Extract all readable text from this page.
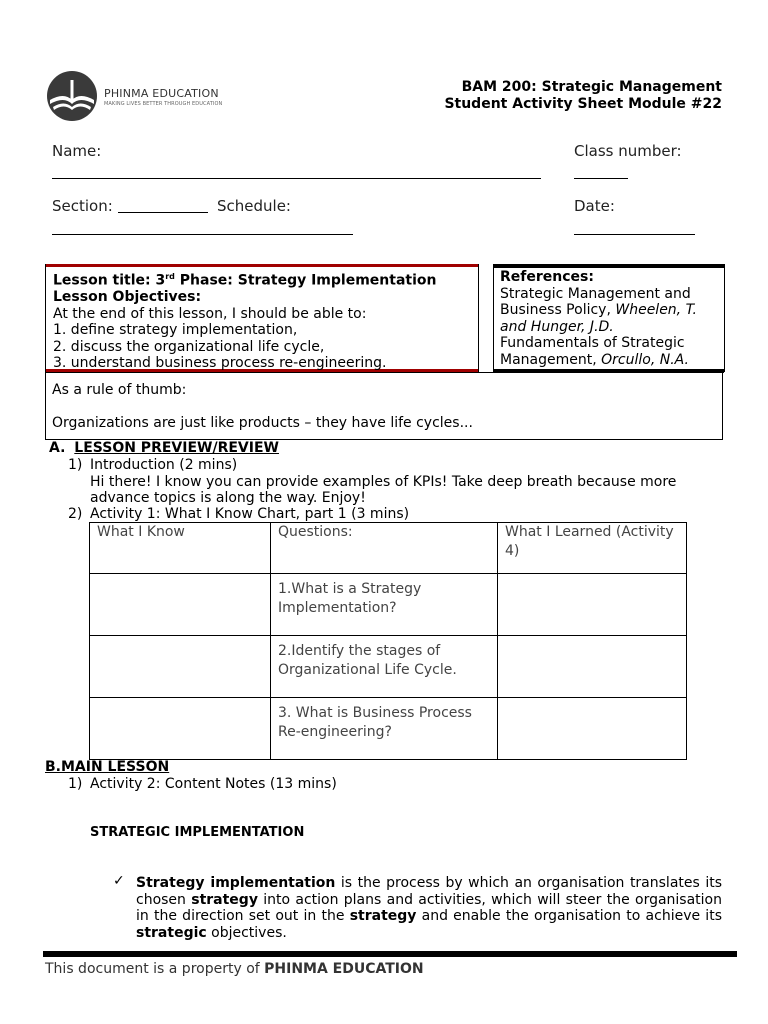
PHINMA EDUCATION
MAKING LIVES BETTER THROUGH EDUCATION
BAM 200: Strategic Management
Student Activity Sheet Module #22
Name:	Class number:
Section:	Schedule:	Date:
Lesson title: 3rd Phase: Strategy Implementation
Lesson Objectives:
At the end of this lesson, I should be able to:
1. define strategy implementation,
2. discuss the organizational life cycle,
3. understand business process re-engineering.
References:
Strategic Management and Business Policy, Wheelen, T. and Hunger, J.D.
Fundamentals of Strategic Management, Orcullo, N.A.
As a rule of thumb:
Organizations are just like products – they have life cycles...
A. LESSON PREVIEW/REVIEW
1) Introduction (2 mins)
Hi there! I know you can provide examples of KPIs! Take deep breath because more advance topics is along the way. Enjoy!
2) Activity 1: What I Know Chart, part 1 (3 mins)
What I Know	Questions:	What I Learned (Activity 4)
	1.What is a Strategy Implementation?	
	2.Identify the stages of Organizational Life Cycle.	
	3. What is Business Process Re-engineering?	
B.MAIN LESSON
1) Activity 2: Content Notes (13 mins)
STRATEGIC IMPLEMENTATION
✓ Strategy implementation is the process by which an organisation translates its chosen strategy into action plans and activities, which will steer the organisation in the direction set out in the strategy and enable the organisation to achieve its strategic objectives.
This document is a property of PHINMA EDUCATION
